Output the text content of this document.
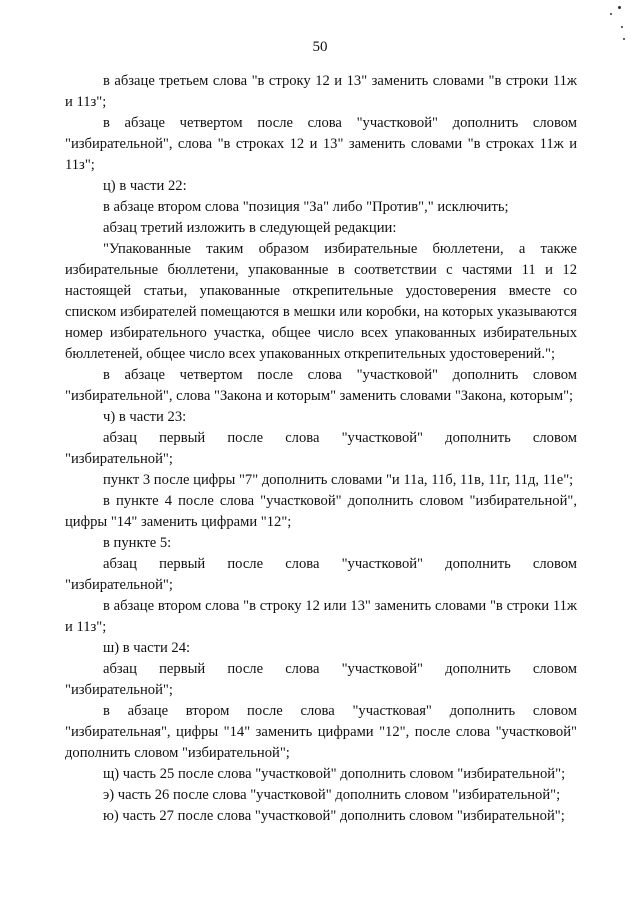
50

в абзаце третьем слова "в строку 12 и 13" заменить словами "в строки 11ж и 11з";

в абзаце четвертом после слова "участковой" дополнить словом "избирательной", слова "в строках 12 и 13" заменить словами "в строках 11ж и 11з";

ц) в части 22:

в абзаце втором слова "позиция "За" либо "Против"," исключить;

абзац третий изложить в следующей редакции:

"Упакованные таким образом избирательные бюллетени, а также избирательные бюллетени, упакованные в соответствии с частями 11 и 12 настоящей статьи, упакованные открепительные удостоверения вместе со списком избирателей помещаются в мешки или коробки, на которых указываются номер избирательного участка, общее число всех упакованных избирательных бюллетеней, общее число всех упакованных открепительных удостоверений.";

в абзаце четвертом после слова "участковой" дополнить словом "избирательной", слова "Закона и которым" заменить словами "Закона, которым";

ч) в части 23:

абзац первый после слова "участковой" дополнить словом "избирательной";

пункт 3 после цифры "7" дополнить словами "и 11а, 11б, 11в, 11г, 11д, 11е";

в пункте 4 после слова "участковой" дополнить словом "избирательной", цифры "14" заменить цифрами "12";

в пункте 5:

абзац первый после слова "участковой" дополнить словом "избирательной";

в абзаце втором слова "в строку 12 или 13" заменить словами "в строки 11ж и 11з";

ш) в части 24:

абзац первый после слова "участковой" дополнить словом "избирательной";

в абзаце втором после слова "участковая" дополнить словом "избирательная", цифры "14" заменить цифрами "12", после слова "участковой" дополнить словом "избирательной";

щ) часть 25 после слова "участковой" дополнить словом "избирательной";

э) часть 26 после слова "участковой" дополнить словом "избирательной";

ю) часть 27 после слова "участковой" дополнить словом "избирательной";
